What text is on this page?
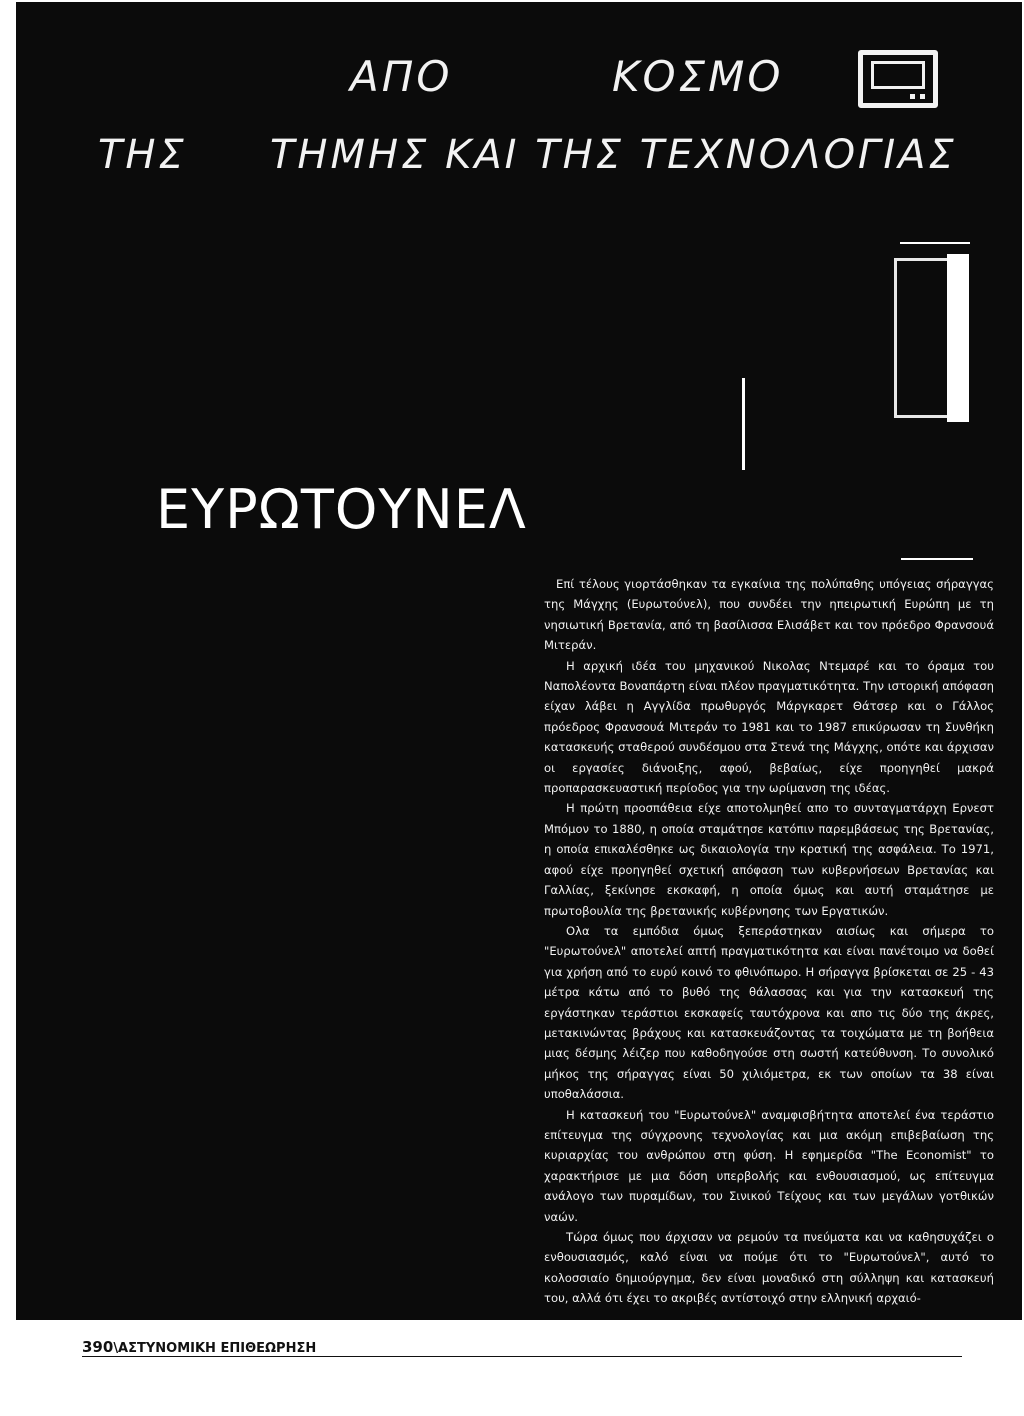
ΑΠΟ	ΚΟΣΜΟ
ΤΗΣ ΤΗΜΗΣ ΚΑΙ ΤΗΣ ΤΕΧΝΟΛΟΓΙΑΣ
ΕΥΡΩΤΟΥΝΕΛ

Επί τέλους γιορτάσθηκαν τα εγκαίνια της πολύπαθης υπόγειας σήραγγας της Μάγχης (Ευρωτούνελ), που συνδέει την ηπειρωτική Ευρώπη με τη νησιωτική Βρετανία, από τη βασίλισσα Ελισάβετ και τον πρόεδρο Φρανσουά Μιτεράν.

Η αρχική ιδέα του μηχανικού Νικολας Ντεμαρέ και το όραμα του Ναπολέοντα Βοναπάρτη είναι πλέον πραγματικότητα. Την ιστορική απόφαση είχαν λάβει η Αγγλίδα πρωθυργός Μάργκαρετ Θάτσερ και ο Γάλλος πρόεδρος Φρανσουά Μιτεράν το 1981 και το 1987 επικύρωσαν τη Συνθήκη κατασκευής σταθερού συνδέσμου στα Στενά της Μάγχης, οπότε και άρχισαν οι εργασίες διάνοιξης, αφού, βεβαίως, είχε προηγηθεί μακρά προπαρασκευαστική περίοδος για την ωρίμανση της ιδέας.

Η πρώτη προσπάθεια είχε αποτολμηθεί απο το συνταγματάρχη Ερνεστ Μπόμον το 1880, η οποία σταμάτησε κατόπιν παρεμβάσεως της Βρετανίας, η οποία επικαλέσθηκε ως δικαιολογία την κρατική της ασφάλεια. Το 1971, αφού είχε προηγηθεί σχετική απόφαση των κυβερνήσεων Βρετανίας και Γαλλίας, ξεκίνησε εκσκαφή, η οποία όμως και αυτή σταμάτησε με πρωτοβουλία της βρετανικής κυβέρνησης των Εργατικών.

Ολα τα εμπόδια όμως ξεπεράστηκαν αισίως και σήμερα το "Ευρωτούνελ" αποτελεί απτή πραγματικότητα και είναι πανέτοιμο να δοθεί για χρήση από το ευρύ κοινό το φθινόπωρο. Η σήραγγα βρίσκεται σε 25 - 43 μέτρα κάτω από το βυθό της θάλασσας και για την κατασκευή της εργάστηκαν τεράστιοι εκσκαφείς ταυτόχρονα και απο τις δύο της άκρες, μετακινώντας βράχους και κατασκευάζοντας τα τοιχώματα με τη βοήθεια μιας δέσμης λέιζερ που καθοδηγούσε στη σωστή κατεύθυνση. Το συνολικό μήκος της σήραγγας είναι 50 χιλιόμετρα, εκ των οποίων τα 38 είναι υποθαλάσσια.

Η κατασκευή του "Ευρωτούνελ" αναμφισβήτητα αποτελεί ένα τεράστιο επίτευγμα της σύγχρονης τεχνολογίας και μια ακόμη επιβεβαίωση της κυριαρχίας του ανθρώπου στη φύση. Η εφημερίδα "The Economist" το χαρακτήρισε με μια δόση υπερβολής και ενθουσιασμού, ως επίτευγμα ανάλογο των πυραμίδων, του Σινικού Τείχους και των μεγάλων γοτθικών ναών.

Τώρα όμως που άρχισαν να ρεμούν τα πνεύματα και να καθησυχάζει ο ενθουσιασμός, καλό είναι να πούμε ότι το "Ευρωτούνελ", αυτό το κολοσσιαίο δημιούργημα, δεν είναι μοναδικό στη σύλληψη και κατασκευή του, αλλά ότι έχει το ακριβές αντίστοιχό στην ελληνική αρχαιό-

390\ΑΣΤΥΝΟΜΙΚΗ ΕΠΙΘΕΩΡΗΣΗ
